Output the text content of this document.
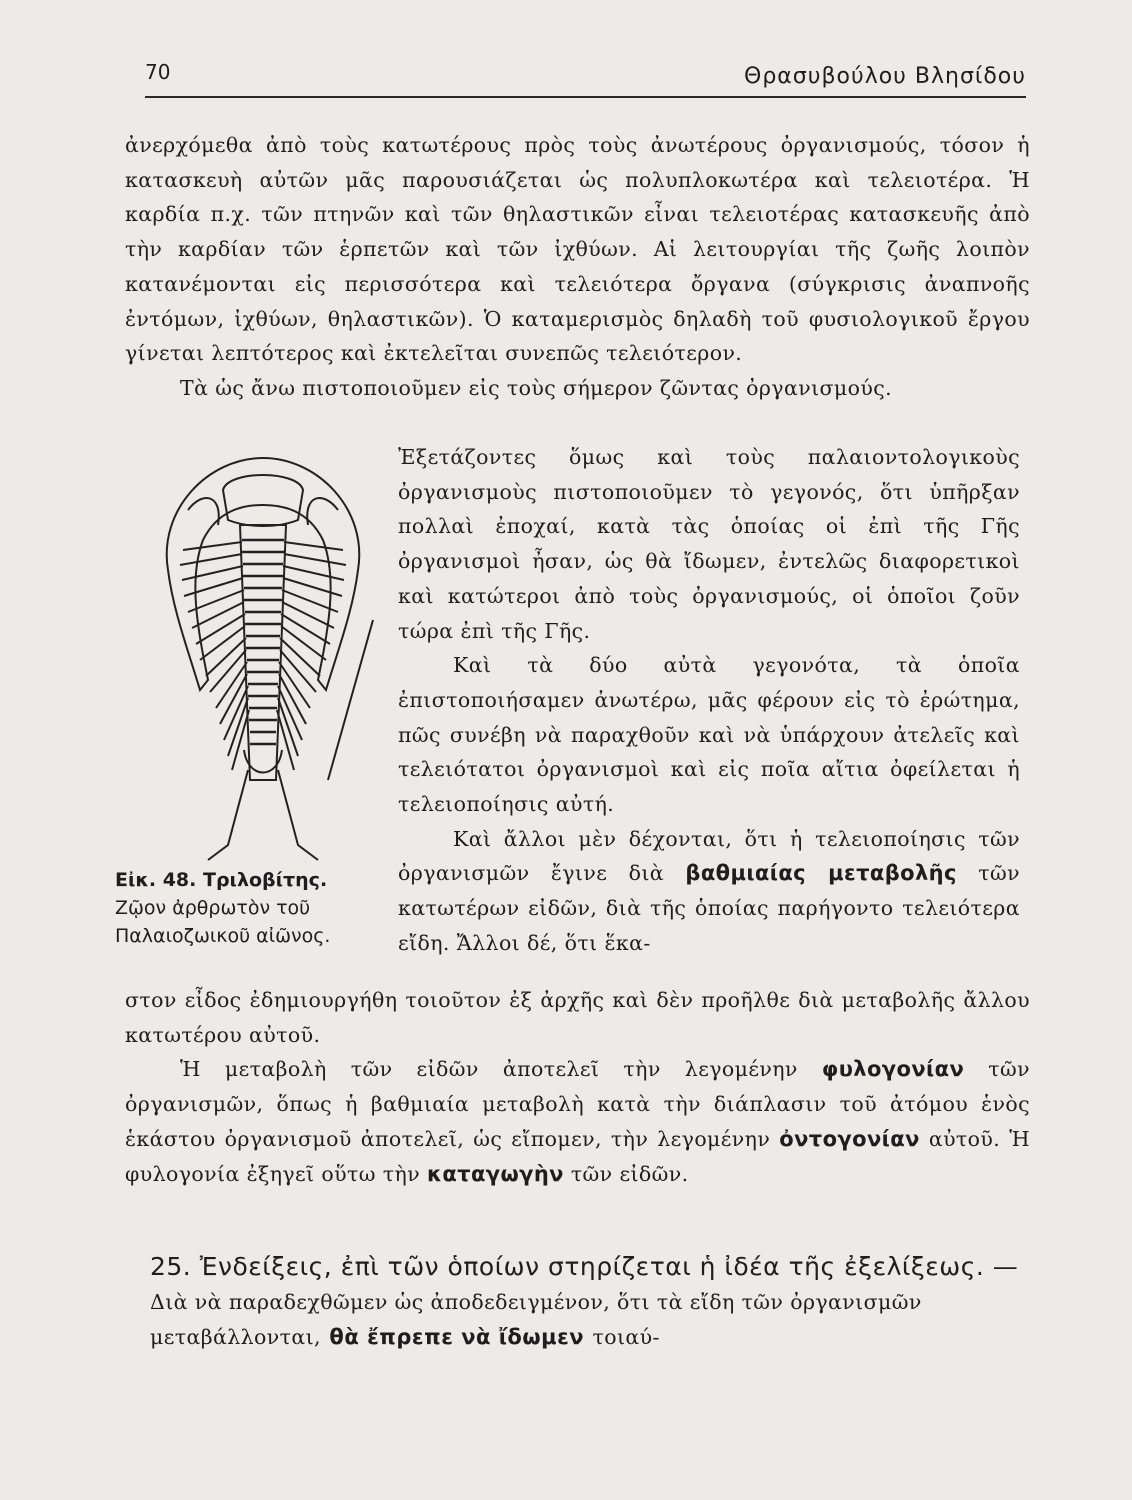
70	Θρασυβούλου Βλησίδου

ἀνερχόμεθα ἀπὸ τοὺς κατωτέρους πρὸς τοὺς ἀνωτέρους ὀργανισμούς, τόσον ἡ κατασκευὴ αὐτῶν μᾶς παρουσιάζεται ὡς πολυπλοκωτέρα καὶ τελειοτέρα. Ἡ καρδία π.χ. τῶν πτηνῶν καὶ τῶν θηλαστικῶν εἶναι τελειοτέρας κατασκευῆς ἀπὸ τὴν καρδίαν τῶν ἑρπετῶν καὶ τῶν ἰχθύων. Αἱ λειτουργίαι τῆς ζωῆς λοιπὸν κατανέμονται εἰς περισσότερα καὶ τελειότερα ὄργανα (σύγκρισις ἀναπνοῆς ἐντόμων, ἰχθύων, θηλαστικῶν). Ὁ καταμερισμὸς δηλαδὴ τοῦ φυσιολογικοῦ ἔργου γίνεται λεπτότερος καὶ ἐκτελεῖται συνεπῶς τελειότερον.

Τὰ ὡς ἄνω πιστοποιοῦμεν εἰς τοὺς σήμερον ζῶντας ὀργανισμούς.

Ἐξετάζοντες ὅμως καὶ τοὺς παλαιοντολογικοὺς ὀργανισμοὺς πιστοποιοῦμεν τὸ γεγονός, ὅτι ὑπῆρξαν πολλαὶ ἐποχαί, κατὰ τὰς ὁποίας οἱ ἐπὶ τῆς Γῆς ὀργανισμοὶ ἦσαν, ὡς θὰ ἴδωμεν, ἐντελῶς διαφορετικοὶ καὶ κατώτεροι ἀπὸ τοὺς ὀργανισμούς, οἱ ὁποῖοι ζοῦν τώρα ἐπὶ τῆς Γῆς.

Καὶ τὰ δύο αὐτὰ γεγονότα, τὰ ὁποῖα ἐπιστοποιήσαμεν ἀνωτέρω, μᾶς φέρουν εἰς τὸ ἐρώτημα, πῶς συνέβη νὰ παραχθοῦν καὶ νὰ ὑπάρχουν ἀτελεῖς καὶ τελειότατοι ὀργανισμοὶ καὶ εἰς ποῖα αἴτια ὀφείλεται ἡ τελειοποίησις αὐτή.

Καὶ ἄλλοι μὲν δέχονται, ὅτι ἡ τελειοποίησις τῶν ὀργανισμῶν ἔγινε διὰ βαθμιαίας μεταβολῆς τῶν κατωτέρων εἰδῶν, διὰ τῆς ὁποίας παρήγοντο τελειότερα εἴδη. Ἄλλοι δέ, ὅτι ἕκα-

Εἰκ. 48. Τριλοβίτης.
Ζῷον ἀρθρωτὸν τοῦ
Παλαιοζωικοῦ αἰῶνος.

στον εἶδος ἐδημιουργήθη τοιοῦτον ἐξ ἀρχῆς καὶ δὲν προῆλθε διὰ μεταβολῆς ἄλλου κατωτέρου αὐτοῦ.

Ἡ μεταβολὴ τῶν εἰδῶν ἀποτελεῖ τὴν λεγομένην φυλογονίαν τῶν ὀργανισμῶν, ὅπως ἡ βαθμιαία μεταβολὴ κατὰ τὴν διάπλασιν τοῦ ἀτόμου ἑνὸς ἑκάστου ὀργανισμοῦ ἀποτελεῖ, ὡς εἴπομεν, τὴν λεγομένην ὀντογονίαν αὐτοῦ. Ἡ φυλογονία ἐξηγεῖ οὕτω τὴν καταγωγὴν τῶν εἰδῶν.

25. Ἐνδείξεις, ἐπὶ τῶν ὁποίων στηρίζεται ἡ ἰδέα τῆς ἐξελίξεως. — Διὰ νὰ παραδεχθῶμεν ὡς ἀποδεδειγμένον, ὅτι τὰ εἴδη τῶν ὀργανισμῶν μεταβάλλονται, θὰ ἔπρεπε νὰ ἴδωμεν τοιαύ-
